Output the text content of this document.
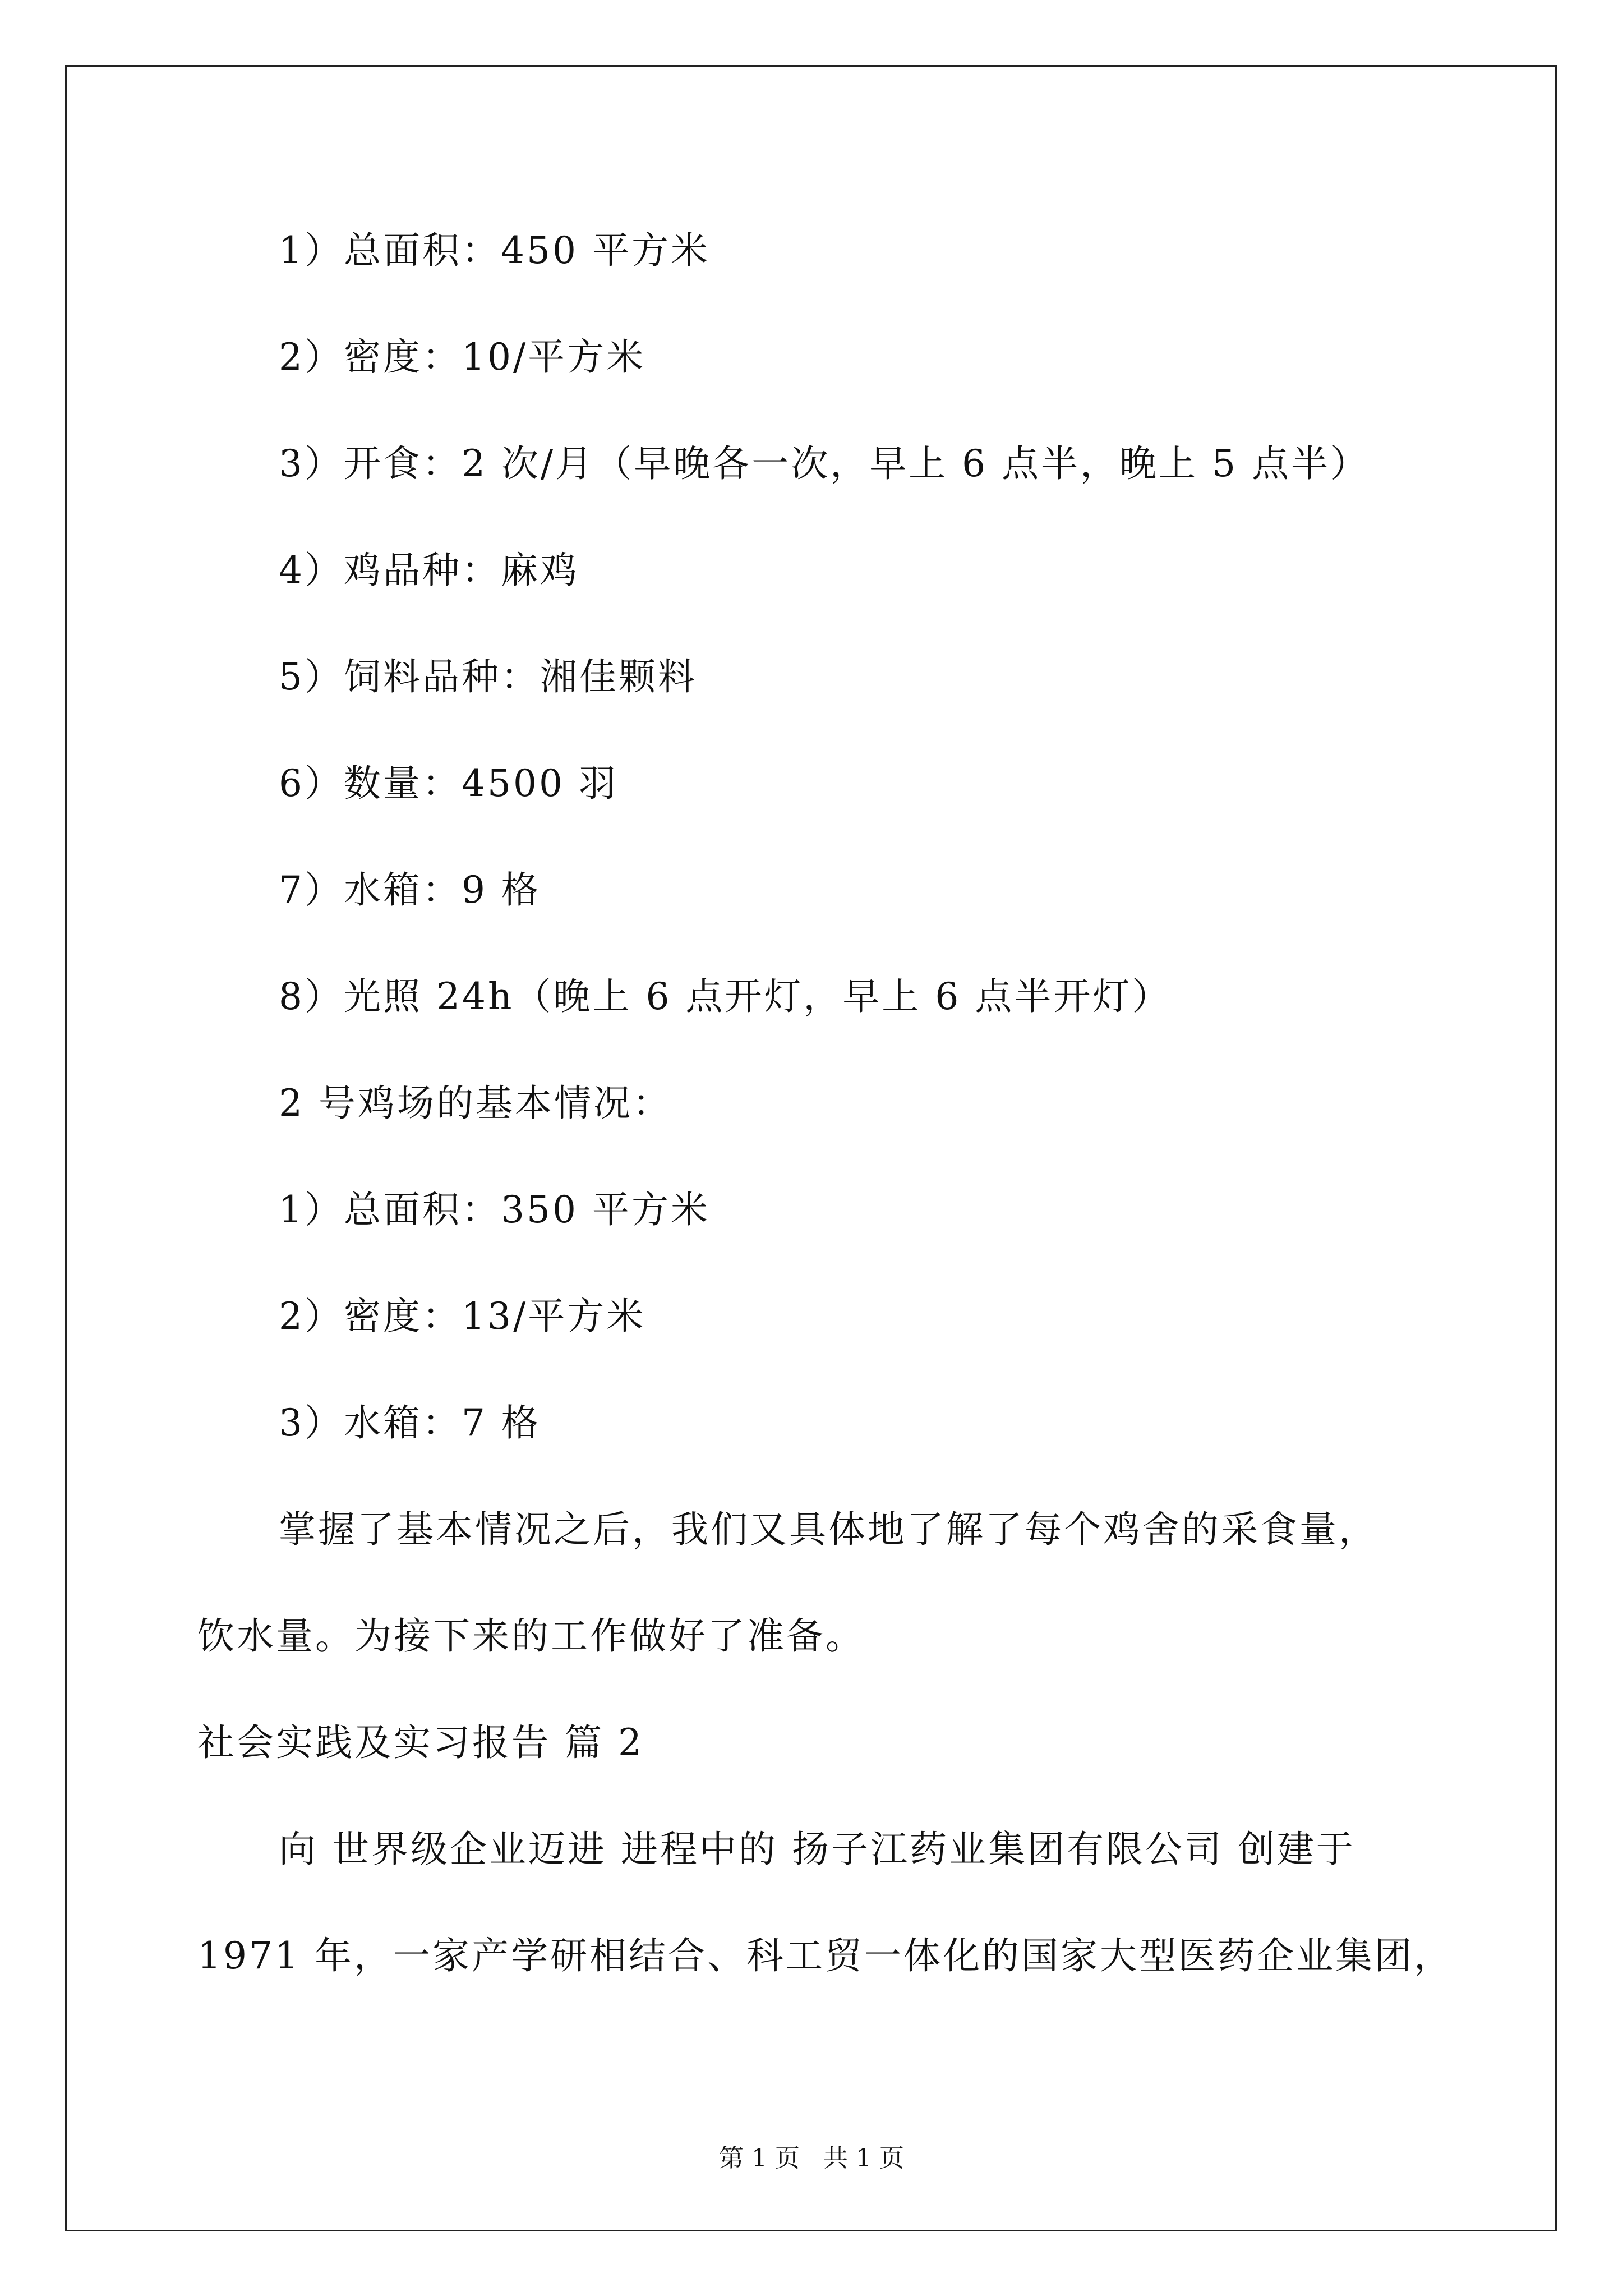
1）总面积：450 平方米
2）密度：10/平方米
3）开食：2 次/月（早晚各一次，早上 6 点半，晚上 5 点半）
4）鸡品种：麻鸡
5）饲料品种：湘佳颗料
6）数量：4500 羽
7）水箱：9 格
8）光照 24h（晚上 6 点开灯，早上 6 点半开灯）
2 号鸡场的基本情况：
1）总面积：350 平方米
2）密度：13/平方米
3）水箱：7 格
掌握了基本情况之后，我们又具体地了解了每个鸡舍的采食量，
饮水量。为接下来的工作做好了准备。
社会实践及实习报告 篇 2
向 世界级企业迈进 进程中的 扬子江药业集团有限公司 创建于
1971 年，一家产学研相结合、科工贸一体化的国家大型医药企业集团，
第 1 页 共 1 页
